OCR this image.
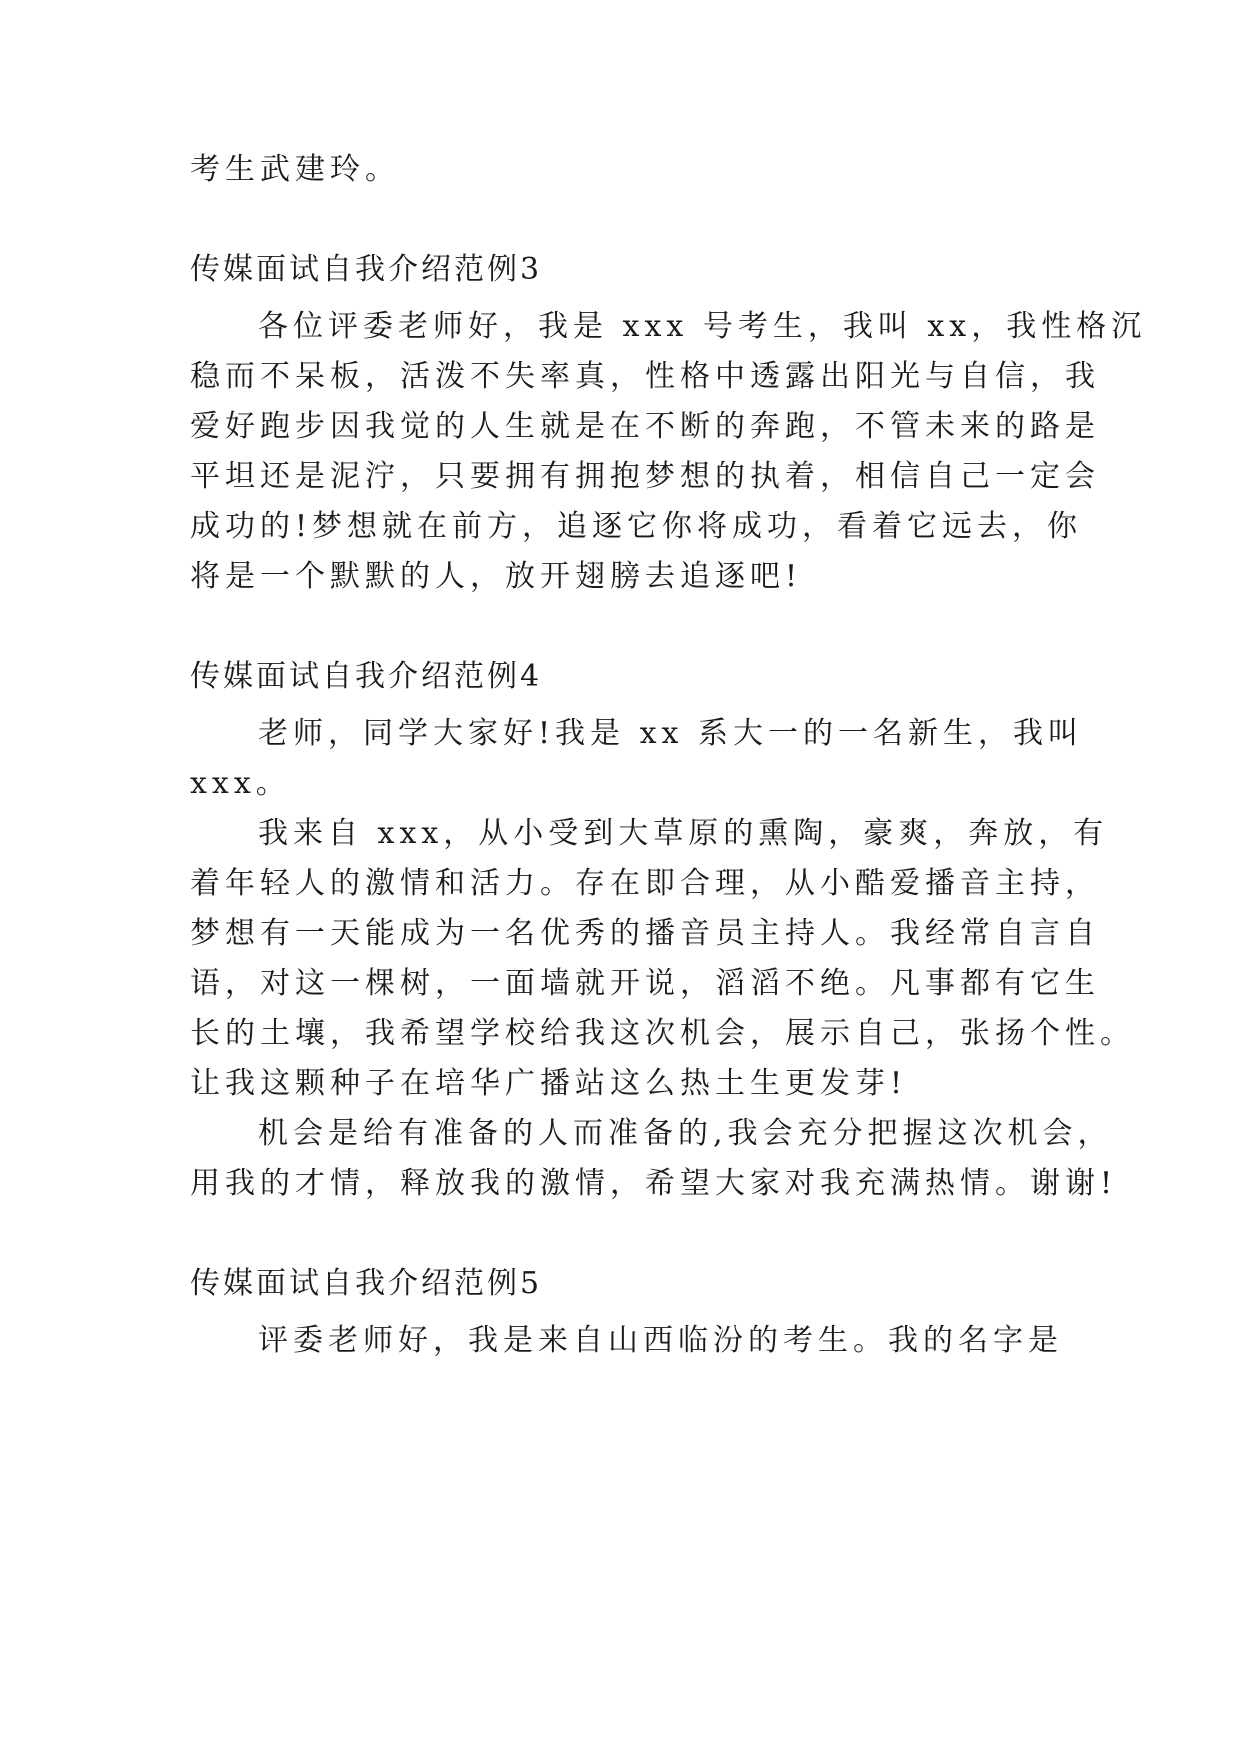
考生武建玲。
传媒面试自我介绍范例3
各位评委老师好，我是 xxx 号考生，我叫 xx，我性格沉
稳而不呆板，活泼不失率真，性格中透露出阳光与自信，我
爱好跑步因我觉的人生就是在不断的奔跑，不管未来的路是
平坦还是泥泞，只要拥有拥抱梦想的执着，相信自己一定会
成功的!梦想就在前方，追逐它你将成功，看着它远去，你
将是一个默默的人，放开翅膀去追逐吧!
传媒面试自我介绍范例4
老师，同学大家好!我是 xx 系大一的一名新生，我叫
xxx。
我来自 xxx，从小受到大草原的熏陶，豪爽，奔放，有
着年轻人的激情和活力。存在即合理，从小酷爱播音主持，
梦想有一天能成为一名优秀的播音员主持人。我经常自言自
语，对这一棵树，一面墙就开说，滔滔不绝。凡事都有它生
长的土壤，我希望学校给我这次机会，展示自己，张扬个性。
让我这颗种子在培华广播站这么热土生更发芽!
机会是给有准备的人而准备的,我会充分把握这次机会，
用我的才情，释放我的激情，希望大家对我充满热情。谢谢!
传媒面试自我介绍范例5
评委老师好，我是来自山西临汾的考生。我的名字是
